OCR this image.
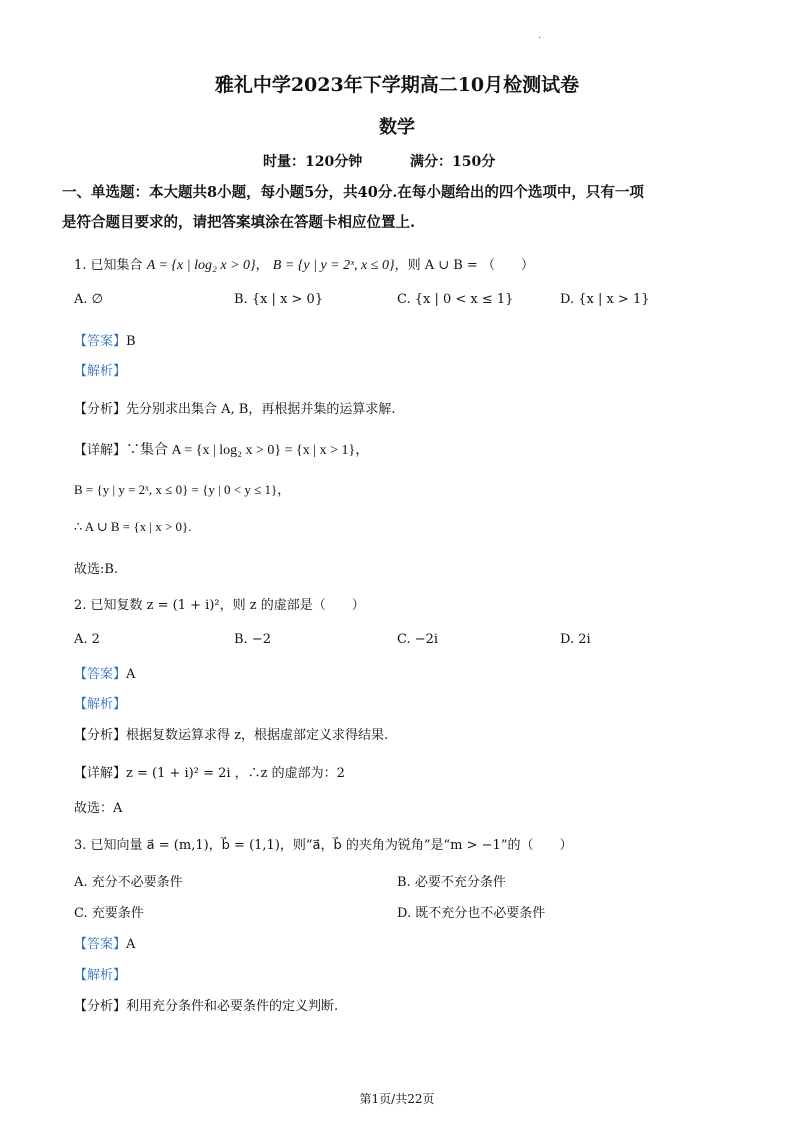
.
雅礼中学2023年下学期高二10月检测试卷
数学
时量：120分钟	满分：150分
一、单选题：本大题共8小题，每小题5分，共40分.在每小题给出的四个选项中，只有一项
是符合题目要求的，请把答案填涂在答题卡相应位置上.
1. 已知集合 A = {x | log₂ x > 0}， B = {y | y = 2ˣ, x ≤ 0}，则 A ∪ B = （　　）
A. ∅	B. {x | x > 0}	C. {x | 0 < x ≤ 1}	D. {x | x > 1}
【答案】B
【解析】
【分析】先分别求出集合 A, B，再根据并集的运算求解.
【详解】∵集合 A = {x | log₂ x > 0} = {x | x > 1}，
B = {y | y = 2ˣ, x ≤ 0} = {y | 0 < y ≤ 1}，
∴ A ∪ B = {x | x > 0}.
故选:B.
2. 已知复数 z = (1 + i)²，则 z 的虚部是（　　）
A. 2	B. −2	C. −2i	D. 2i
【答案】A
【解析】
【分析】根据复数运算求得 z，根据虚部定义求得结果.
【详解】z = (1 + i)² = 2i ，∴z 的虚部为：2
故选：A
3. 已知向量 a⃗ = (m,1)，b⃗ = (1,1)，则“a⃗，b⃗ 的夹角为锐角”是“m > −1”的（　　）
A. 充分不必要条件	B. 必要不充分条件
C. 充要条件	D. 既不充分也不必要条件
【答案】A
【解析】
【分析】利用充分条件和必要条件的定义判断.
第1页/共22页
